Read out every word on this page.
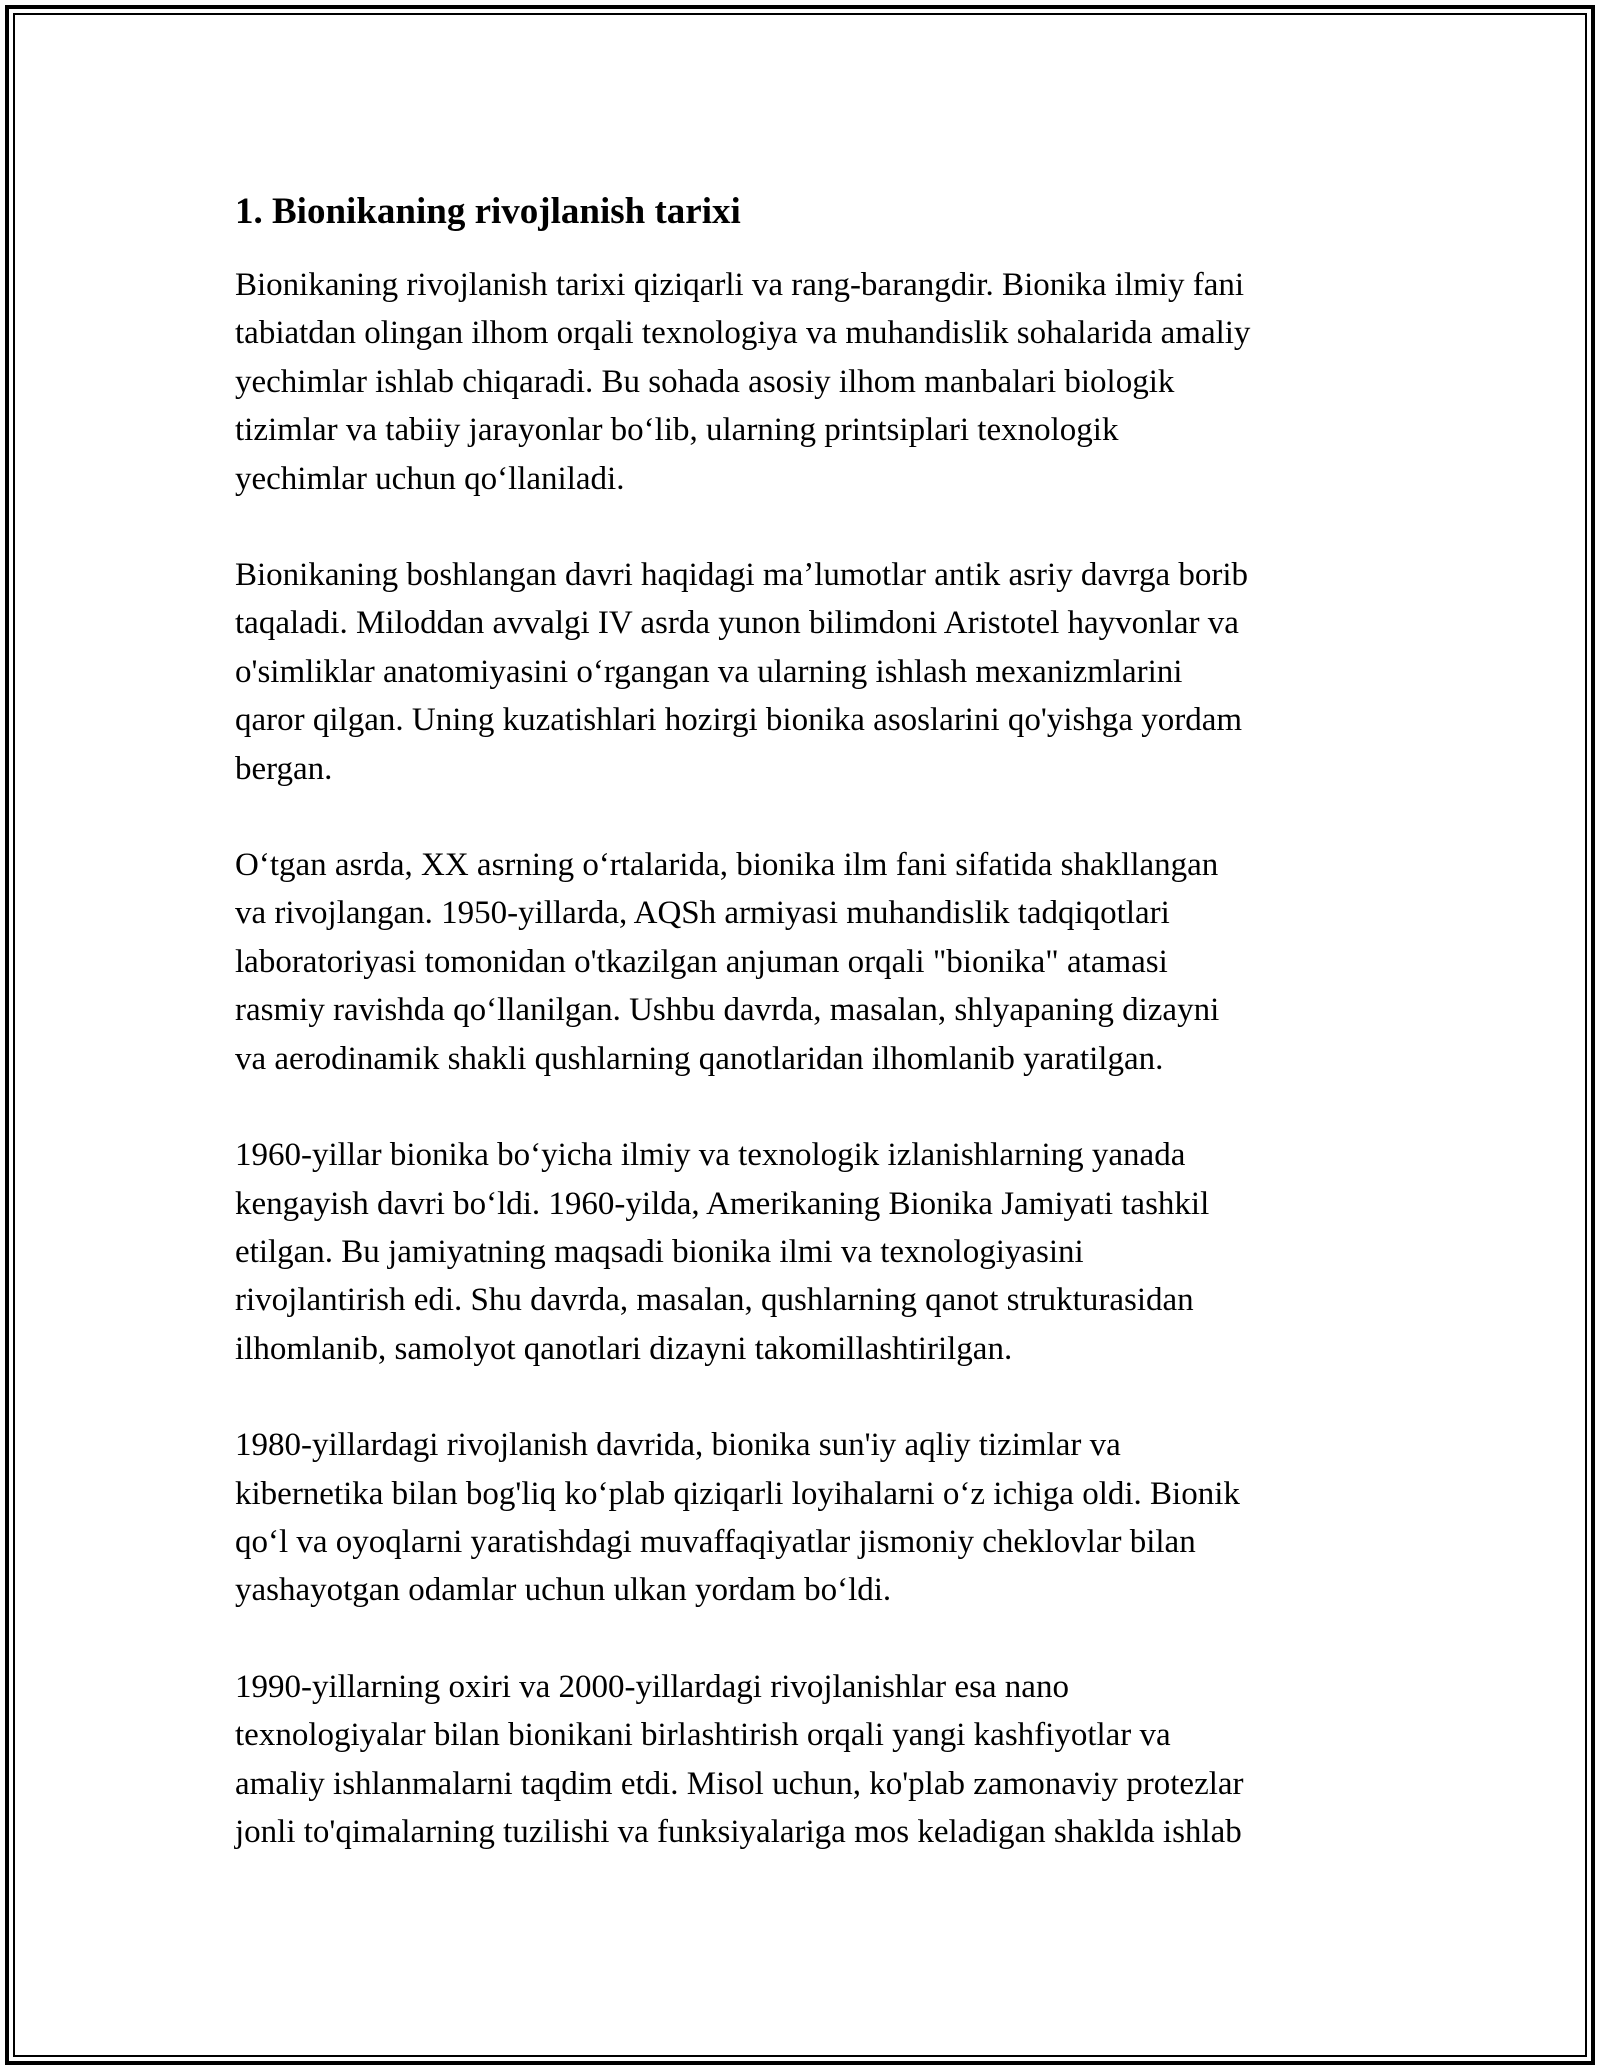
1. Bionikaning rivojlanish tarixi

Bionikaning rivojlanish tarixi qiziqarli va rang-barangdir. Bionika ilmiy fani
tabiatdan olingan ilhom orqali texnologiya va muhandislik sohalarida amaliy
yechimlar ishlab chiqaradi. Bu sohada asosiy ilhom manbalari biologik
tizimlar va tabiiy jarayonlar boʻlib, ularning printsiplari texnologik
yechimlar uchun qoʻllaniladi.

Bionikaning boshlangan davri haqidagi maʼlumotlar antik asriy davrga borib
taqaladi. Miloddan avvalgi IV asrda yunon bilimdoni Aristotel hayvonlar va
o'simliklar anatomiyasini oʻrgangan va ularning ishlash mexanizmlarini
qaror qilgan. Uning kuzatishlari hozirgi bionika asoslarini qo'yishga yordam
bergan.

Oʻtgan asrda, XX asrning oʻrtalarida, bionika ilm fani sifatida shakllangan
va rivojlangan. 1950-yillarda, AQSh armiyasi muhandislik tadqiqotlari
laboratoriyasi tomonidan o'tkazilgan anjuman orqali "bionika" atamasi
rasmiy ravishda qoʻllanilgan. Ushbu davrda, masalan, shlyapaning dizayni
va aerodinamik shakli qushlarning qanotlaridan ilhomlanib yaratilgan.

1960-yillar bionika boʻyicha ilmiy va texnologik izlanishlarning yanada
kengayish davri boʻldi. 1960-yilda, Amerikaning Bionika Jamiyati tashkil
etilgan. Bu jamiyatning maqsadi bionika ilmi va texnologiyasini
rivojlantirish edi. Shu davrda, masalan, qushlarning qanot strukturasidan
ilhomlanib, samolyot qanotlari dizayni takomillashtirilgan.

1980-yillardagi rivojlanish davrida, bionika sun'iy aqliy tizimlar va
kibernetika bilan bog'liq koʻplab qiziqarli loyihalarni oʻz ichiga oldi. Bionik
qoʻl va oyoqlarni yaratishdagi muvaffaqiyatlar jismoniy cheklovlar bilan
yashayotgan odamlar uchun ulkan yordam boʻldi.

1990-yillarning oxiri va 2000-yillardagi rivojlanishlar esa nano
texnologiyalar bilan bionikani birlashtirish orqali yangi kashfiyotlar va
amaliy ishlanmalarni taqdim etdi. Misol uchun, ko'plab zamonaviy protezlar
jonli to'qimalarning tuzilishi va funksiyalariga mos keladigan shaklda ishlab
